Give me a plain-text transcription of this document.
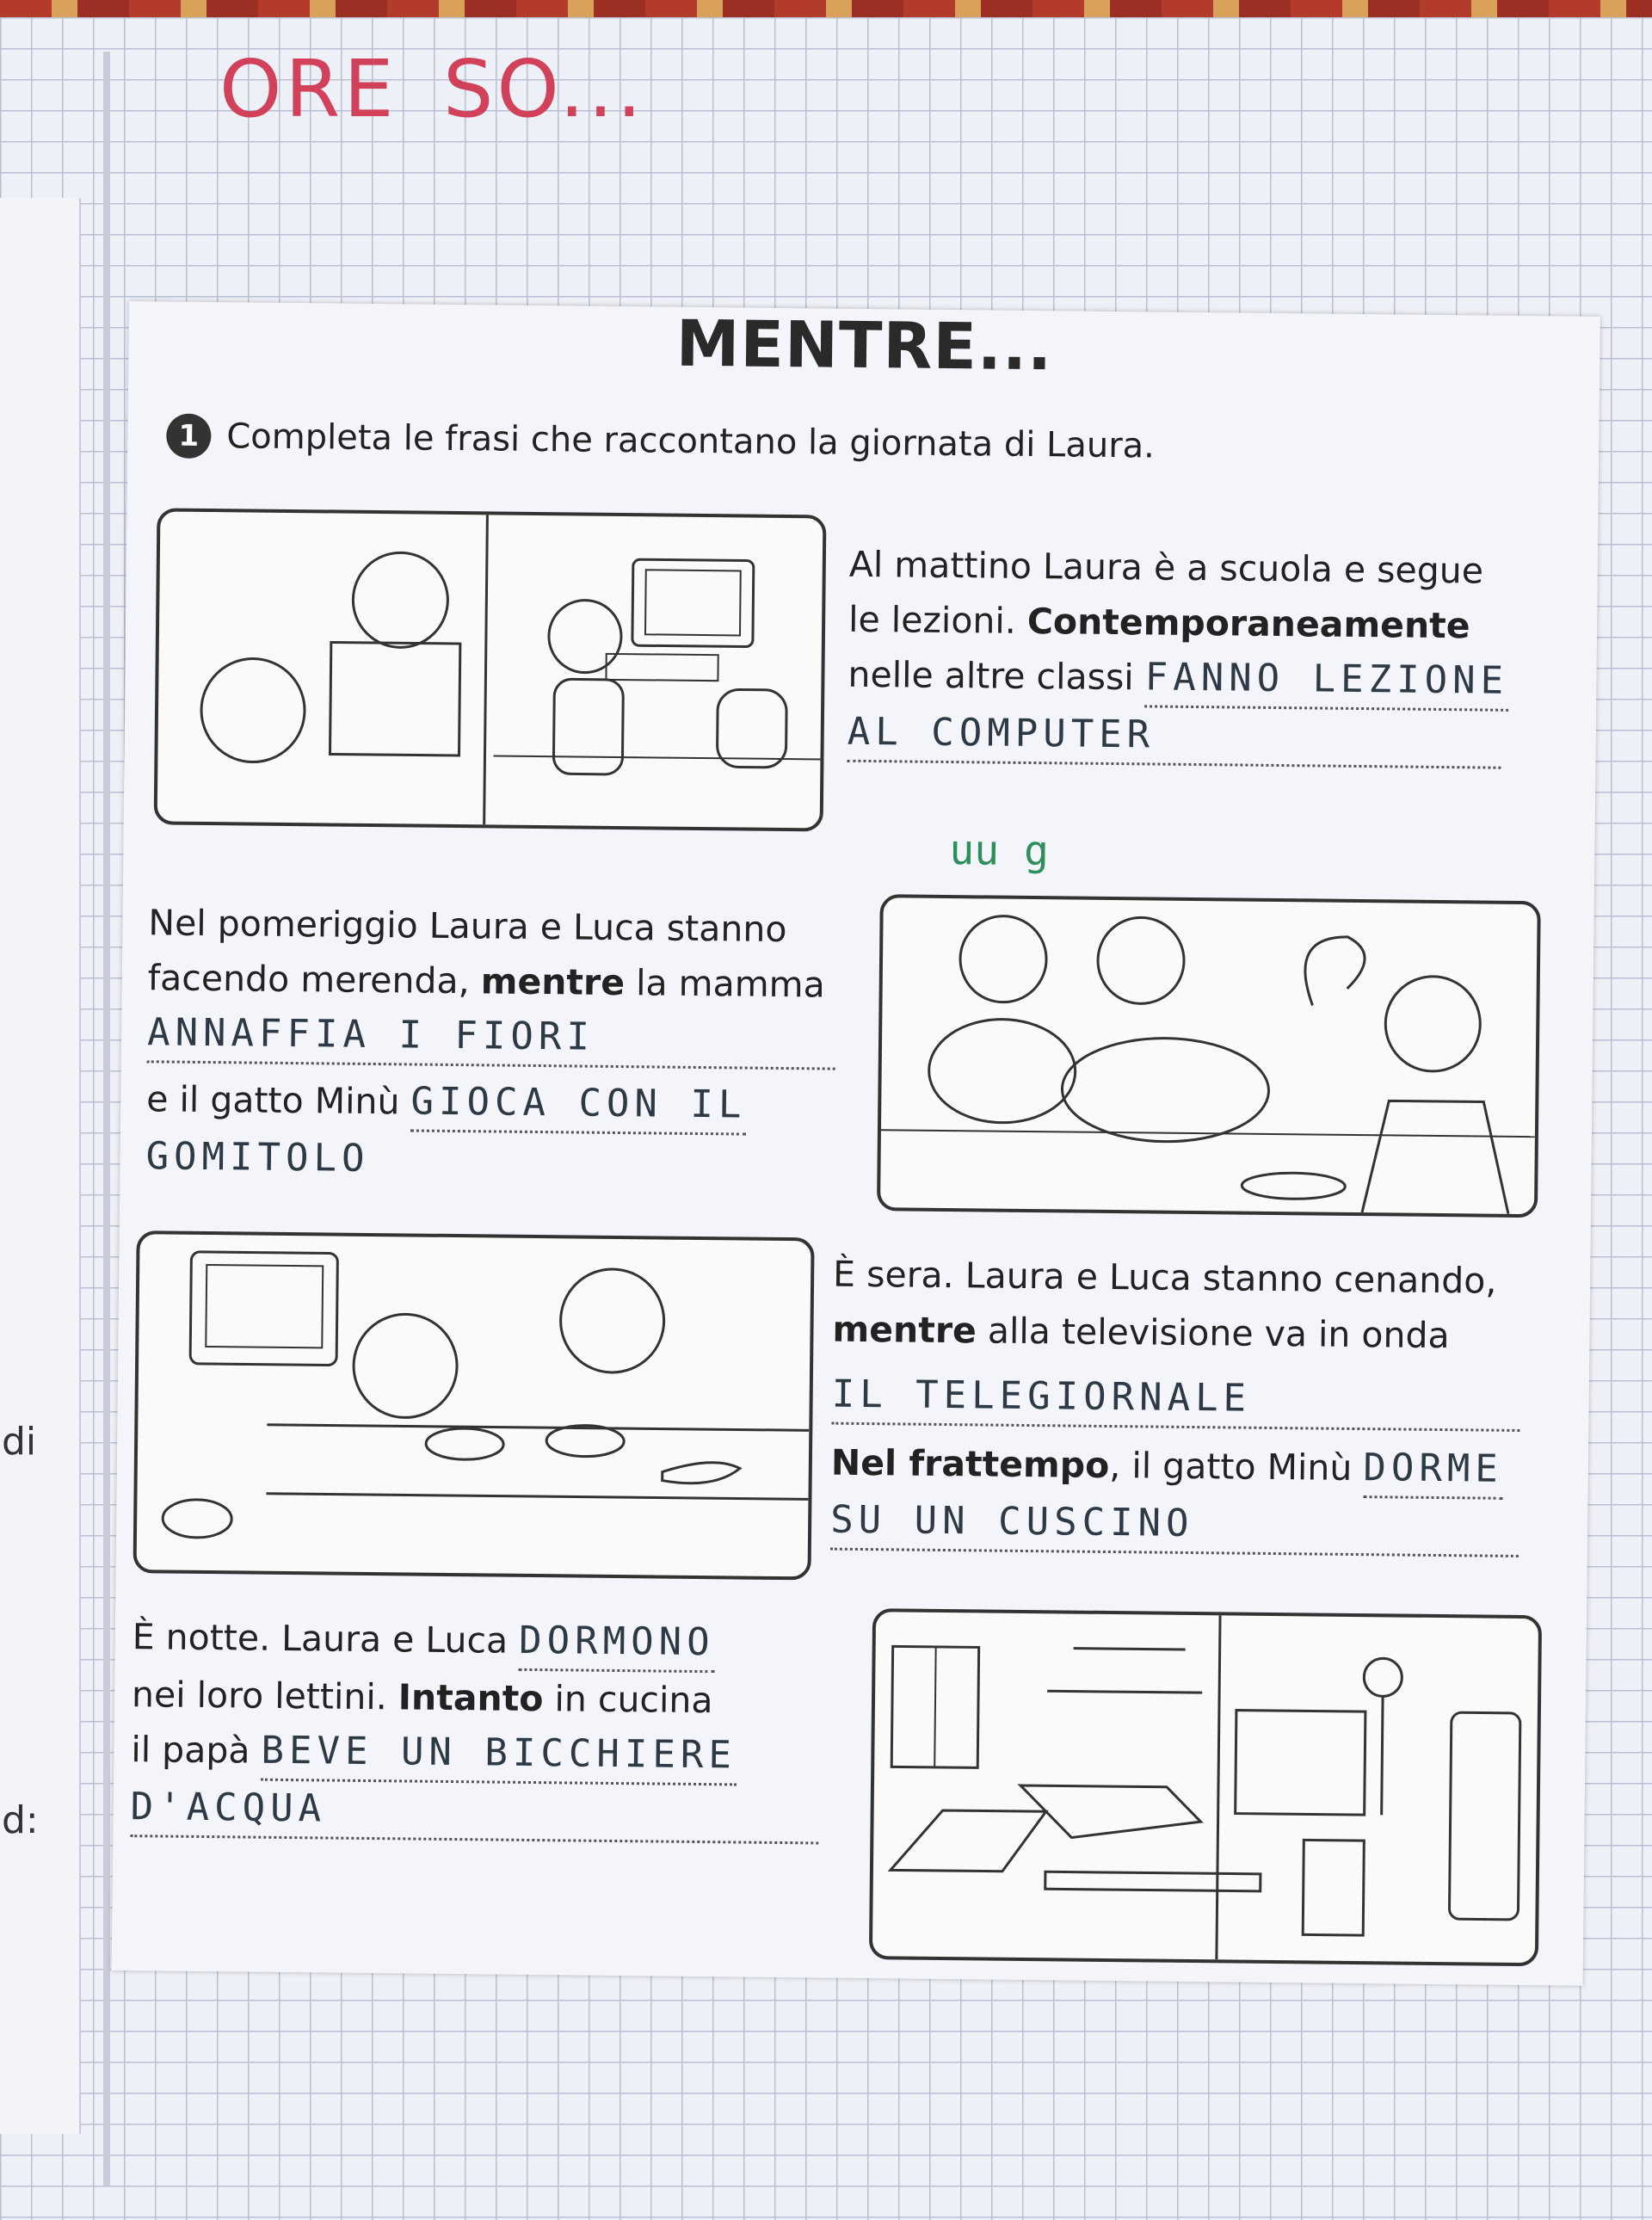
ORE SO...
di
d:
MENTRE...
1 Completa le frasi che raccontano la giornata di Laura.
Al mattino Laura è a scuola e segue
le lezioni. Contemporaneamente
nelle altre classi FANNO LEZIONE
AL COMPUTER
uu g
Nel pomeriggio Laura e Luca stanno
facendo merenda, mentre la mamma
ANNAFFIA I FIORI
e il gatto Minù GIOCA CON IL
GOMITOLO
È sera. Laura e Luca stanno cenando,
mentre alla televisione va in onda
IL TELEGIORNALE
Nel frattempo, il gatto Minù DORME
SU UN CUSCINO
È notte. Laura e Luca DORMONO
nei loro lettini. Intanto in cucina
il papà BEVE UN BICCHIERE
D'ACQUA
